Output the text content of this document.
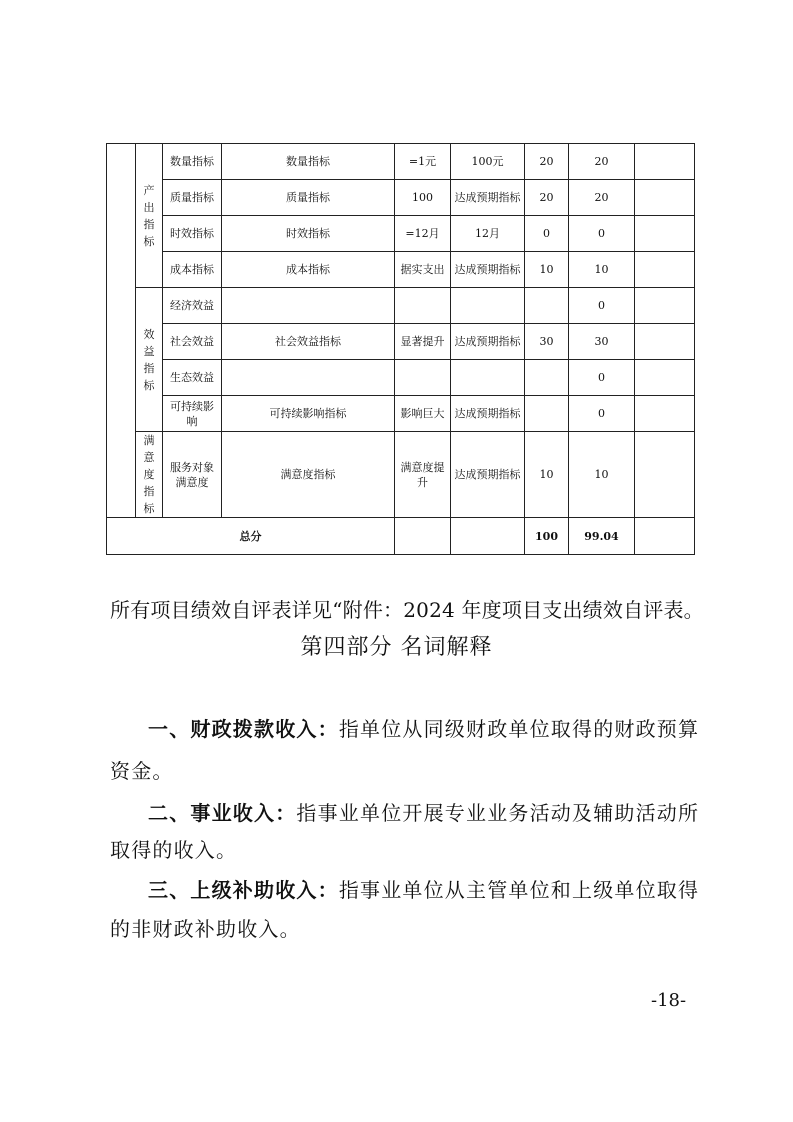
	产出指标	数量指标	数量指标	=1元	100元	20	20	
		质量指标	质量指标	100	达成预期指标	20	20	
		时效指标	时效指标	=12月	12月	0	0	
		成本指标	成本指标	据实支出	达成预期指标	10	10	

	效益指标	经济效益					0	
		社会效益	社会效益指标	显著提升	达成预期指标	30	30	
		生态效益					0	
		可持续影响	可持续影响指标	影响巨大	达成预期指标		0	

	满意度指标	服务对象满意度	满意度指标	满意度提升	达成预期指标	10	10	
总分						100	99.04	

所有项目绩效自评表详见“附件：2024 年度项目支出绩效自评表。

第四部分 名词解释

一、财政拨款收入：指单位从同级财政单位取得的财政预算

资金。

二、事业收入：指事业单位开展专业业务活动及辅助活动所

取得的收入。

三、上级补助收入：指事业单位从主管单位和上级单位取得

的非财政补助收入。

-18-
